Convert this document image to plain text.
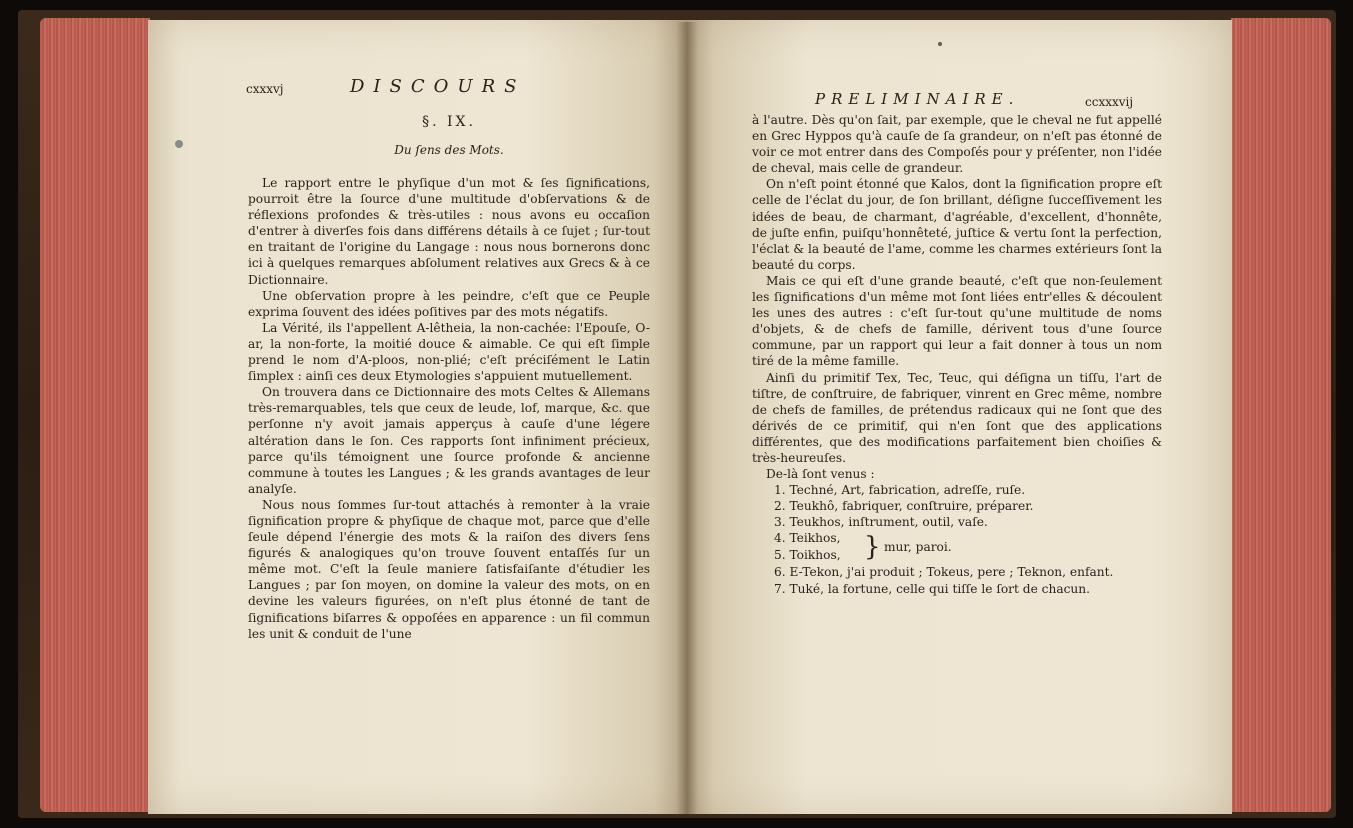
cxxxvj	DISCOURS
§. IX.
Du ſens des Mots.

Le rapport entre le phyſique d'un mot & ſes ſignifications, pourroit être la ſource d'une multitude d'obſervations & de réflexions profondes & très-utiles : nous avons eu occaſion d'entrer à diverſes fois dans différens détails à ce ſujet ; ſur-tout en traitant de l'origine du Langage : nous nous bornerons donc ici à quelques remarques abſolument relatives aux Grecs & à ce Dictionnaire.

Une obſervation propre à les peindre, c'eſt que ce Peuple exprima ſouvent des idées poſitives par des mots négatifs.

La Vérité, ils l'appellent A-lêtheia, la non-cachée: l'Epouſe, O-ar, la non-forte, la moitié douce & aimable. Ce qui eſt ſimple prend le nom d'A-ploos, non-plié; c'eſt préciſément le Latin ſimplex : ainſi ces deux Etymologies s'appuient mutuellement.

On trouvera dans ce Dictionnaire des mots Celtes & Allemans très-remarquables, tels que ceux de leude, lof, marque, &c. que perſonne n'y avoit jamais apperçus à cauſe d'une légere altération dans le ſon. Ces rapports ſont infiniment précieux, parce qu'ils témoignent une ſource profonde & ancienne commune à toutes les Langues ; & les grands avantages de leur analyſe.

Nous nous ſommes ſur-tout attachés à remonter à la vraie ſignification propre & phyſique de chaque mot, parce que d'elle ſeule dépend l'énergie des mots & la raiſon des divers ſens figurés & analogiques qu'on trouve ſouvent entaſſés ſur un même mot. C'eſt la ſeule maniere ſatisfaiſante d'étudier les Langues ; par ſon moyen, on domine la valeur des mots, on en devine les valeurs figurées, on n'eſt plus étonné de tant de ſignifications biſarres & oppoſées en apparence : un fil commun les unit & conduit de l'une

PRELIMINAIRE.	ccxxxvij

à l'autre. Dès qu'on ſait, par exemple, que le cheval ne fut appellé en Grec Hyppos qu'à cauſe de ſa grandeur, on n'eſt pas étonné de voir ce mot entrer dans des Compoſés pour y préſenter, non l'idée de cheval, mais celle de grandeur.

On n'eſt point étonné que Kalos, dont la ſignification propre eſt celle de l'éclat du jour, de ſon brillant, déſigne ſucceſſivement les idées de beau, de charmant, d'agréable, d'excellent, d'honnête, de juſte enfin, puiſqu'honnêteté, juſtice & vertu ſont la perfection, l'éclat & la beauté de l'ame, comme les charmes extérieurs ſont la beauté du corps.

Mais ce qui eſt d'une grande beauté, c'eſt que non-ſeulement les ſignifications d'un même mot ſont liées entr'elles & découlent les unes des autres : c'eſt ſur-tout qu'une multitude de noms d'objets, & de chefs de famille, dérivent tous d'une ſource commune, par un rapport qui leur a fait donner à tous un nom tiré de la même famille.

Ainſi du primitif Tex, Tec, Teuc, qui déſigna un tiſſu, l'art de tiſtre, de conſtruire, de fabriquer, vinrent en Grec même, nombre de chefs de familles, de prétendus radicaux qui ne ſont que des dérivés de ce primitif, qui n'en ſont que des applications différentes, que des modifications parfaitement bien choiſies & très-heureuſes.

De-là ſont venus :

1. Techné, Art, fabrication, adreſſe, ruſe.
2. Teukhô, fabriquer, conſtruire, préparer.
3. Teukhos, inſtrument, outil, vaſe.
4. Teikhos,
5. Toikhos, } mur, paroi.
6. E-Tekon, j'ai produit ; Tokeus, pere ; Teknon, enfant.
7. Tuké, la fortune, celle qui tiſſe le ſort de chacun.
